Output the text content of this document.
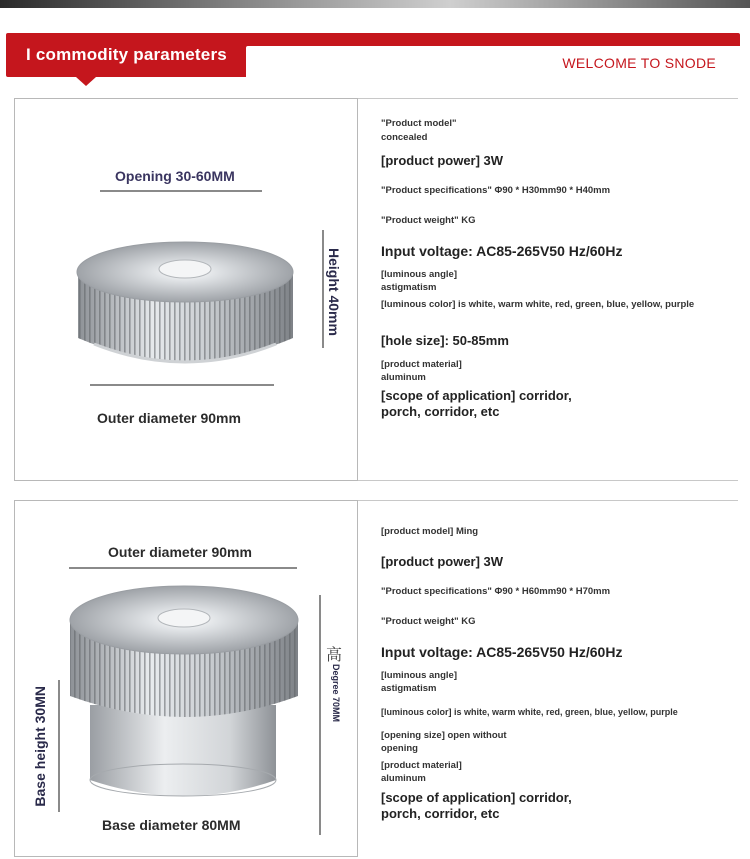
I commodity parameters	WELCOME TO SNODE
Opening 30-60MM
Height 40mm
Outer diameter 90mm
"Product model"
concealed
[product power] 3W
"Product specifications" Φ90 * H30mm90 * H40mm
"Product weight" KG
Input voltage: AC85-265V50 Hz/60Hz
[luminous angle]
astigmatism
[luminous color] is white, warm white, red, green, blue, yellow, purple
[hole size]: 50-85mm
[product material]
aluminum
[scope of application] corridor, porch, corridor, etc
Outer diameter 90mm
高
Degree 70MM
Base height 30MN
Base diameter 80MM
[product model] Ming
[product power] 3W
"Product specifications" Φ90 * H60mm90 * H70mm
"Product weight" KG
Input voltage: AC85-265V50 Hz/60Hz
[luminous angle]
astigmatism
[luminous color] is white, warm white, red, green, blue, yellow, purple
[opening size] open without
opening
[product material]
aluminum
[scope of application] corridor, porch, corridor, etc
